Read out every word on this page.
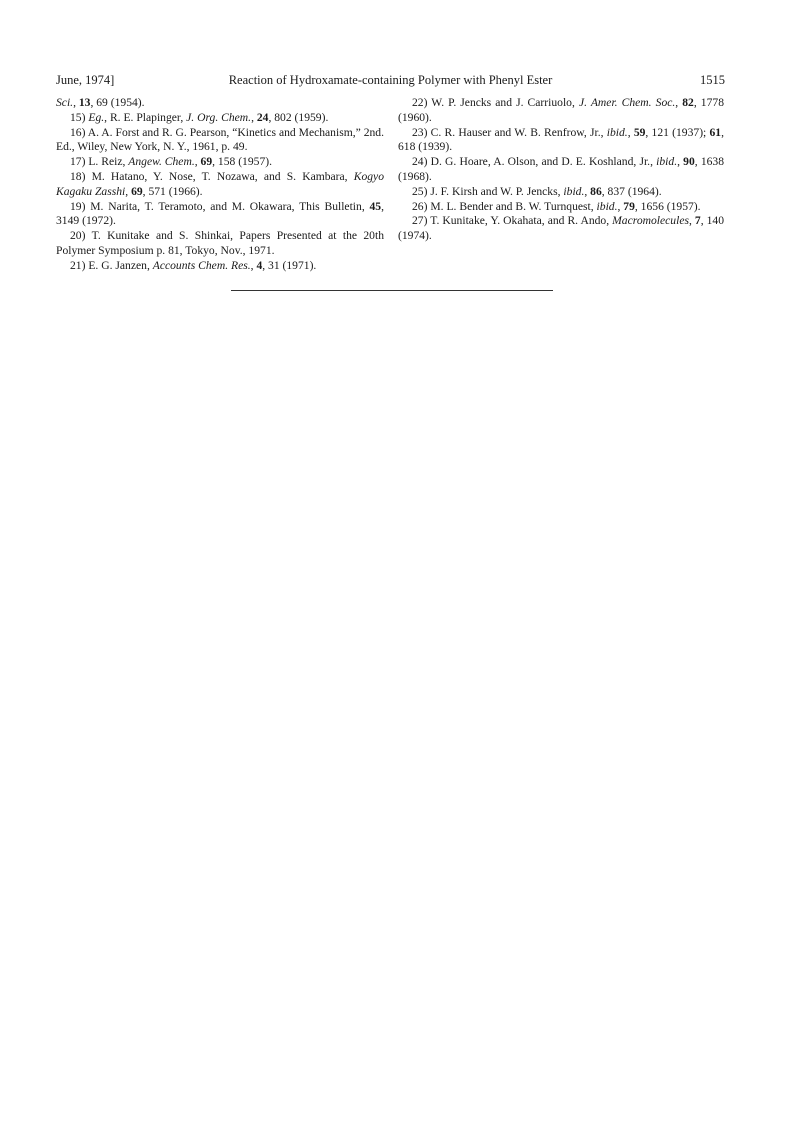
June, 1974]	Reaction of Hydroxamate-containing Polymer with Phenyl Ester	1515

Sci., 13, 69 (1954).

15) Eg., R. E. Plapinger, J. Org. Chem., 24, 802 (1959).

16) A. A. Forst and R. G. Pearson, “Kinetics and Mechanism,” 2nd. Ed., Wiley, New York, N. Y., 1961, p. 49.

17) L. Reiz, Angew. Chem., 69, 158 (1957).

18) M. Hatano, Y. Nose, T. Nozawa, and S. Kambara, Kogyo Kagaku Zasshi, 69, 571 (1966).

19) M. Narita, T. Teramoto, and M. Okawara, This Bulletin, 45, 3149 (1972).

20) T. Kunitake and S. Shinkai, Papers Presented at the 20th Polymer Symposium p. 81, Tokyo, Nov., 1971.

21) E. G. Janzen, Accounts Chem. Res., 4, 31 (1971).

22) W. P. Jencks and J. Carriuolo, J. Amer. Chem. Soc., 82, 1778 (1960).

23) C. R. Hauser and W. B. Renfrow, Jr., ibid., 59, 121 (1937); 61, 618 (1939).

24) D. G. Hoare, A. Olson, and D. E. Koshland, Jr., ibid., 90, 1638 (1968).

25) J. F. Kirsh and W. P. Jencks, ibid., 86, 837 (1964).

26) M. L. Bender and B. W. Turnquest, ibid., 79, 1656 (1957).

27) T. Kunitake, Y. Okahata, and R. Ando, Macromolecules, 7, 140 (1974).
